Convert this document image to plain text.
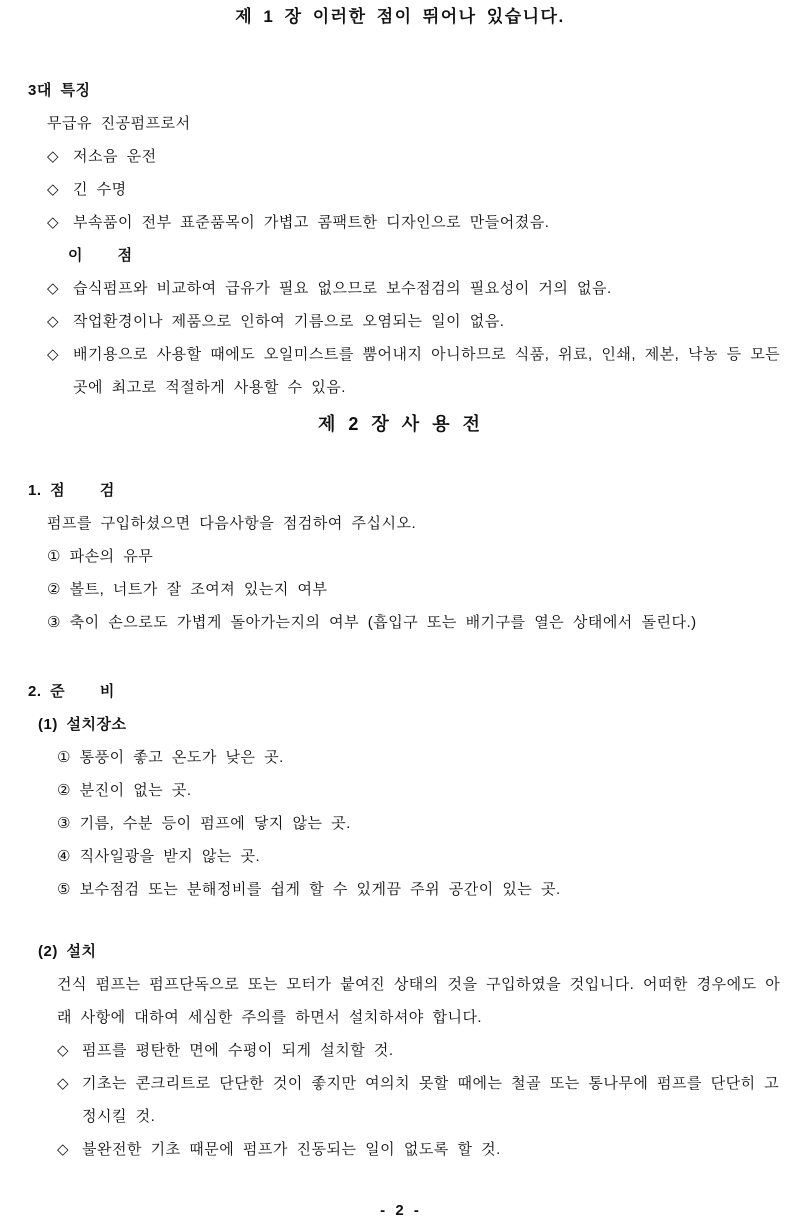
제 1 장 이러한 점이 뛰어나 있습니다.
3대 특징
무급유 진공펌프로서
◇ 저소음 운전
◇ 긴 수명
◇ 부속품이 전부 표준품목이 가볍고 콤팩트한 디자인으로 만들어졌음.
이    점
◇ 습식펌프와 비교하여 급유가 필요 없으므로 보수점검의 필요성이 거의 없음.
◇ 작업환경이나 제품으로 인하여 기름으로 오염되는 일이 없음.
◇ 배기용으로 사용할 때에도 오일미스트를 뿜어내지 아니하므로 식품, 위료, 인쇄, 제본, 낙농 등 모든 곳에 최고로 적절하게 사용할 수 있음.
제 2 장 사 용 전
1. 점    검
펌프를 구입하셨으면 다음사항을 점검하여 주십시오.
① 파손의 유무
② 볼트, 너트가 잘 조여져 있는지 여부
③ 축이 손으로도 가볍게 돌아가는지의 여부 (흡입구 또는 배기구를 열은 상태에서 돌린다.)
2. 준    비
(1) 설치장소
① 통풍이 좋고 온도가 낮은 곳.
② 분진이 없는 곳.
③ 기름, 수분 등이 펌프에 닿지 않는 곳.
④ 직사일광을 받지 않는 곳.
⑤ 보수점검 또는 분해정비를 쉽게 할 수 있게끔 주위 공간이 있는 곳.
(2) 설치
건식 펌프는 펌프단독으로 또는 모터가 붙여진 상태의 것을 구입하였을 것입니다. 어떠한 경우에도 아래 사항에 대하여 세심한 주의를 하면서 설치하셔야 합니다.
◇ 펌프를 평탄한 면에 수평이 되게 설치할 것.
◇ 기초는 콘크리트로 단단한 것이 좋지만 여의치 못할 때에는 철골 또는 통나무에 펌프를 단단히 고정시킬 것.
◇ 불완전한 기초 때문에 펌프가 진동되는 일이 없도록 할 것.
- 2 -
